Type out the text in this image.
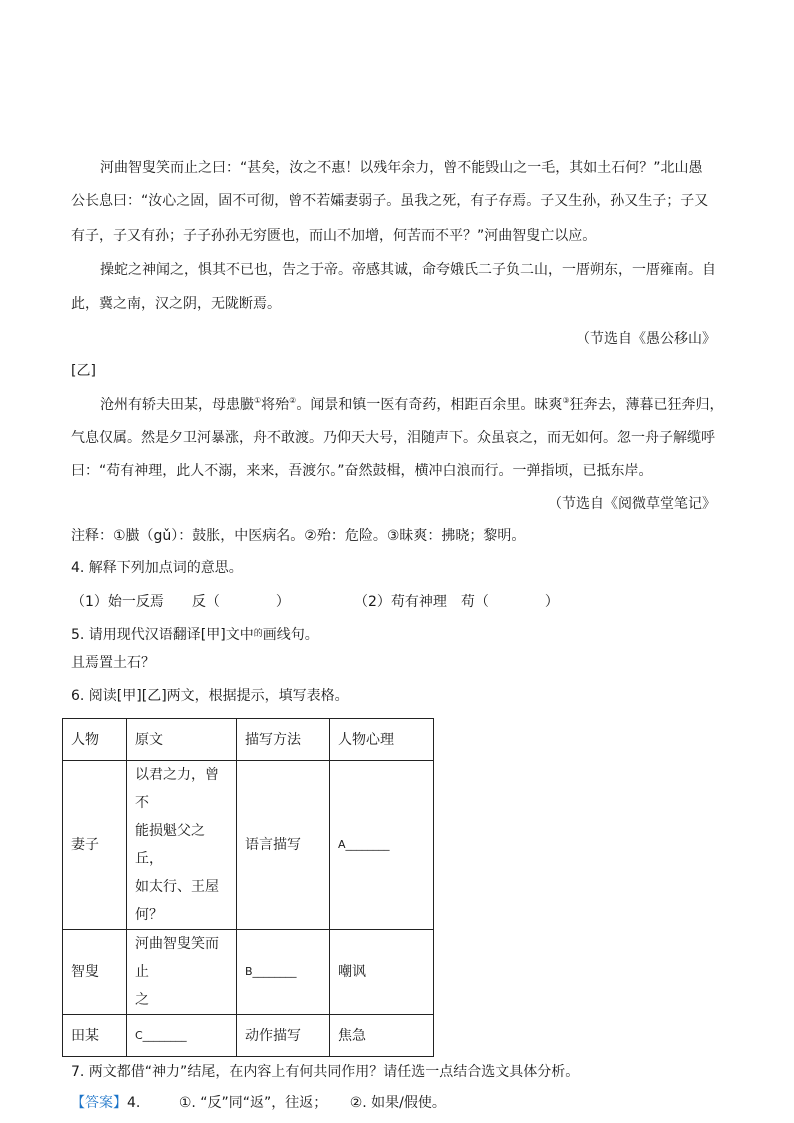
河曲智叟笑而止之曰：“甚矣，汝之不惠！以残年余力，曾不能毁山之一毛，其如土石何？”北山愚
公长息曰：“汝心之固，固不可彻，曾不若孀妻弱子。虽我之死，有子存焉。子又生孙，孙又生子；子又
有子，子又有孙；子子孙孙无穷匮也，而山不加增，何苦而不平？”河曲智叟亡以应。
操蛇之神闻之，惧其不已也，告之于帝。帝感其诚，命夸娥氏二子负二山，一厝朔东，一厝雍南。自
此，冀之南，汉之阴，无陇断焉。
（节选自《愚公移山》
[乙]
沧州有轿夫田某，母患臌①将殆②。闻景和镇一医有奇药，相距百余里。昧爽③狂奔去，薄暮已狂奔归，
气息仅属。然是夕卫河暴涨，舟不敢渡。乃仰天大号，泪随声下。众虽哀之，而无如何。忽一舟子解缆呼
曰：“苟有神理，此人不溺，来来，吾渡尔。”奋然鼓楫，横冲白浪而行。一弹指顷，已抵东岸。
（节选自《阅微草堂笔记》
注释：①臌（gǔ）：鼓胀，中医病名。②殆：危险。③昧爽：拂晓；黎明。
4. 解释下列加点词的意思。
（1）始一反焉　　反（　　　　）	（2）苟有神理　苟（　　　　）
5. 请用现代汉语翻译[甲]文中$^的$画线句。
且焉置土石？
6. 阅读[甲][乙]两文，根据提示，填写表格。
人物	原文	描写方法	人物心理
妻子	以君之力，曾不
能损魁父之丘，
如太行、王屋何？	语言描写	A________
智叟	河曲智叟笑而止
之	B________	嘲讽
田某	C________	动作描写	焦急
7. 两文都借“神力”结尾，在内容上有何共同作用？请任选一点结合选文具体分析。
【答案】4.	①. “反”同“返”，往返； ②. 如果/假使。
